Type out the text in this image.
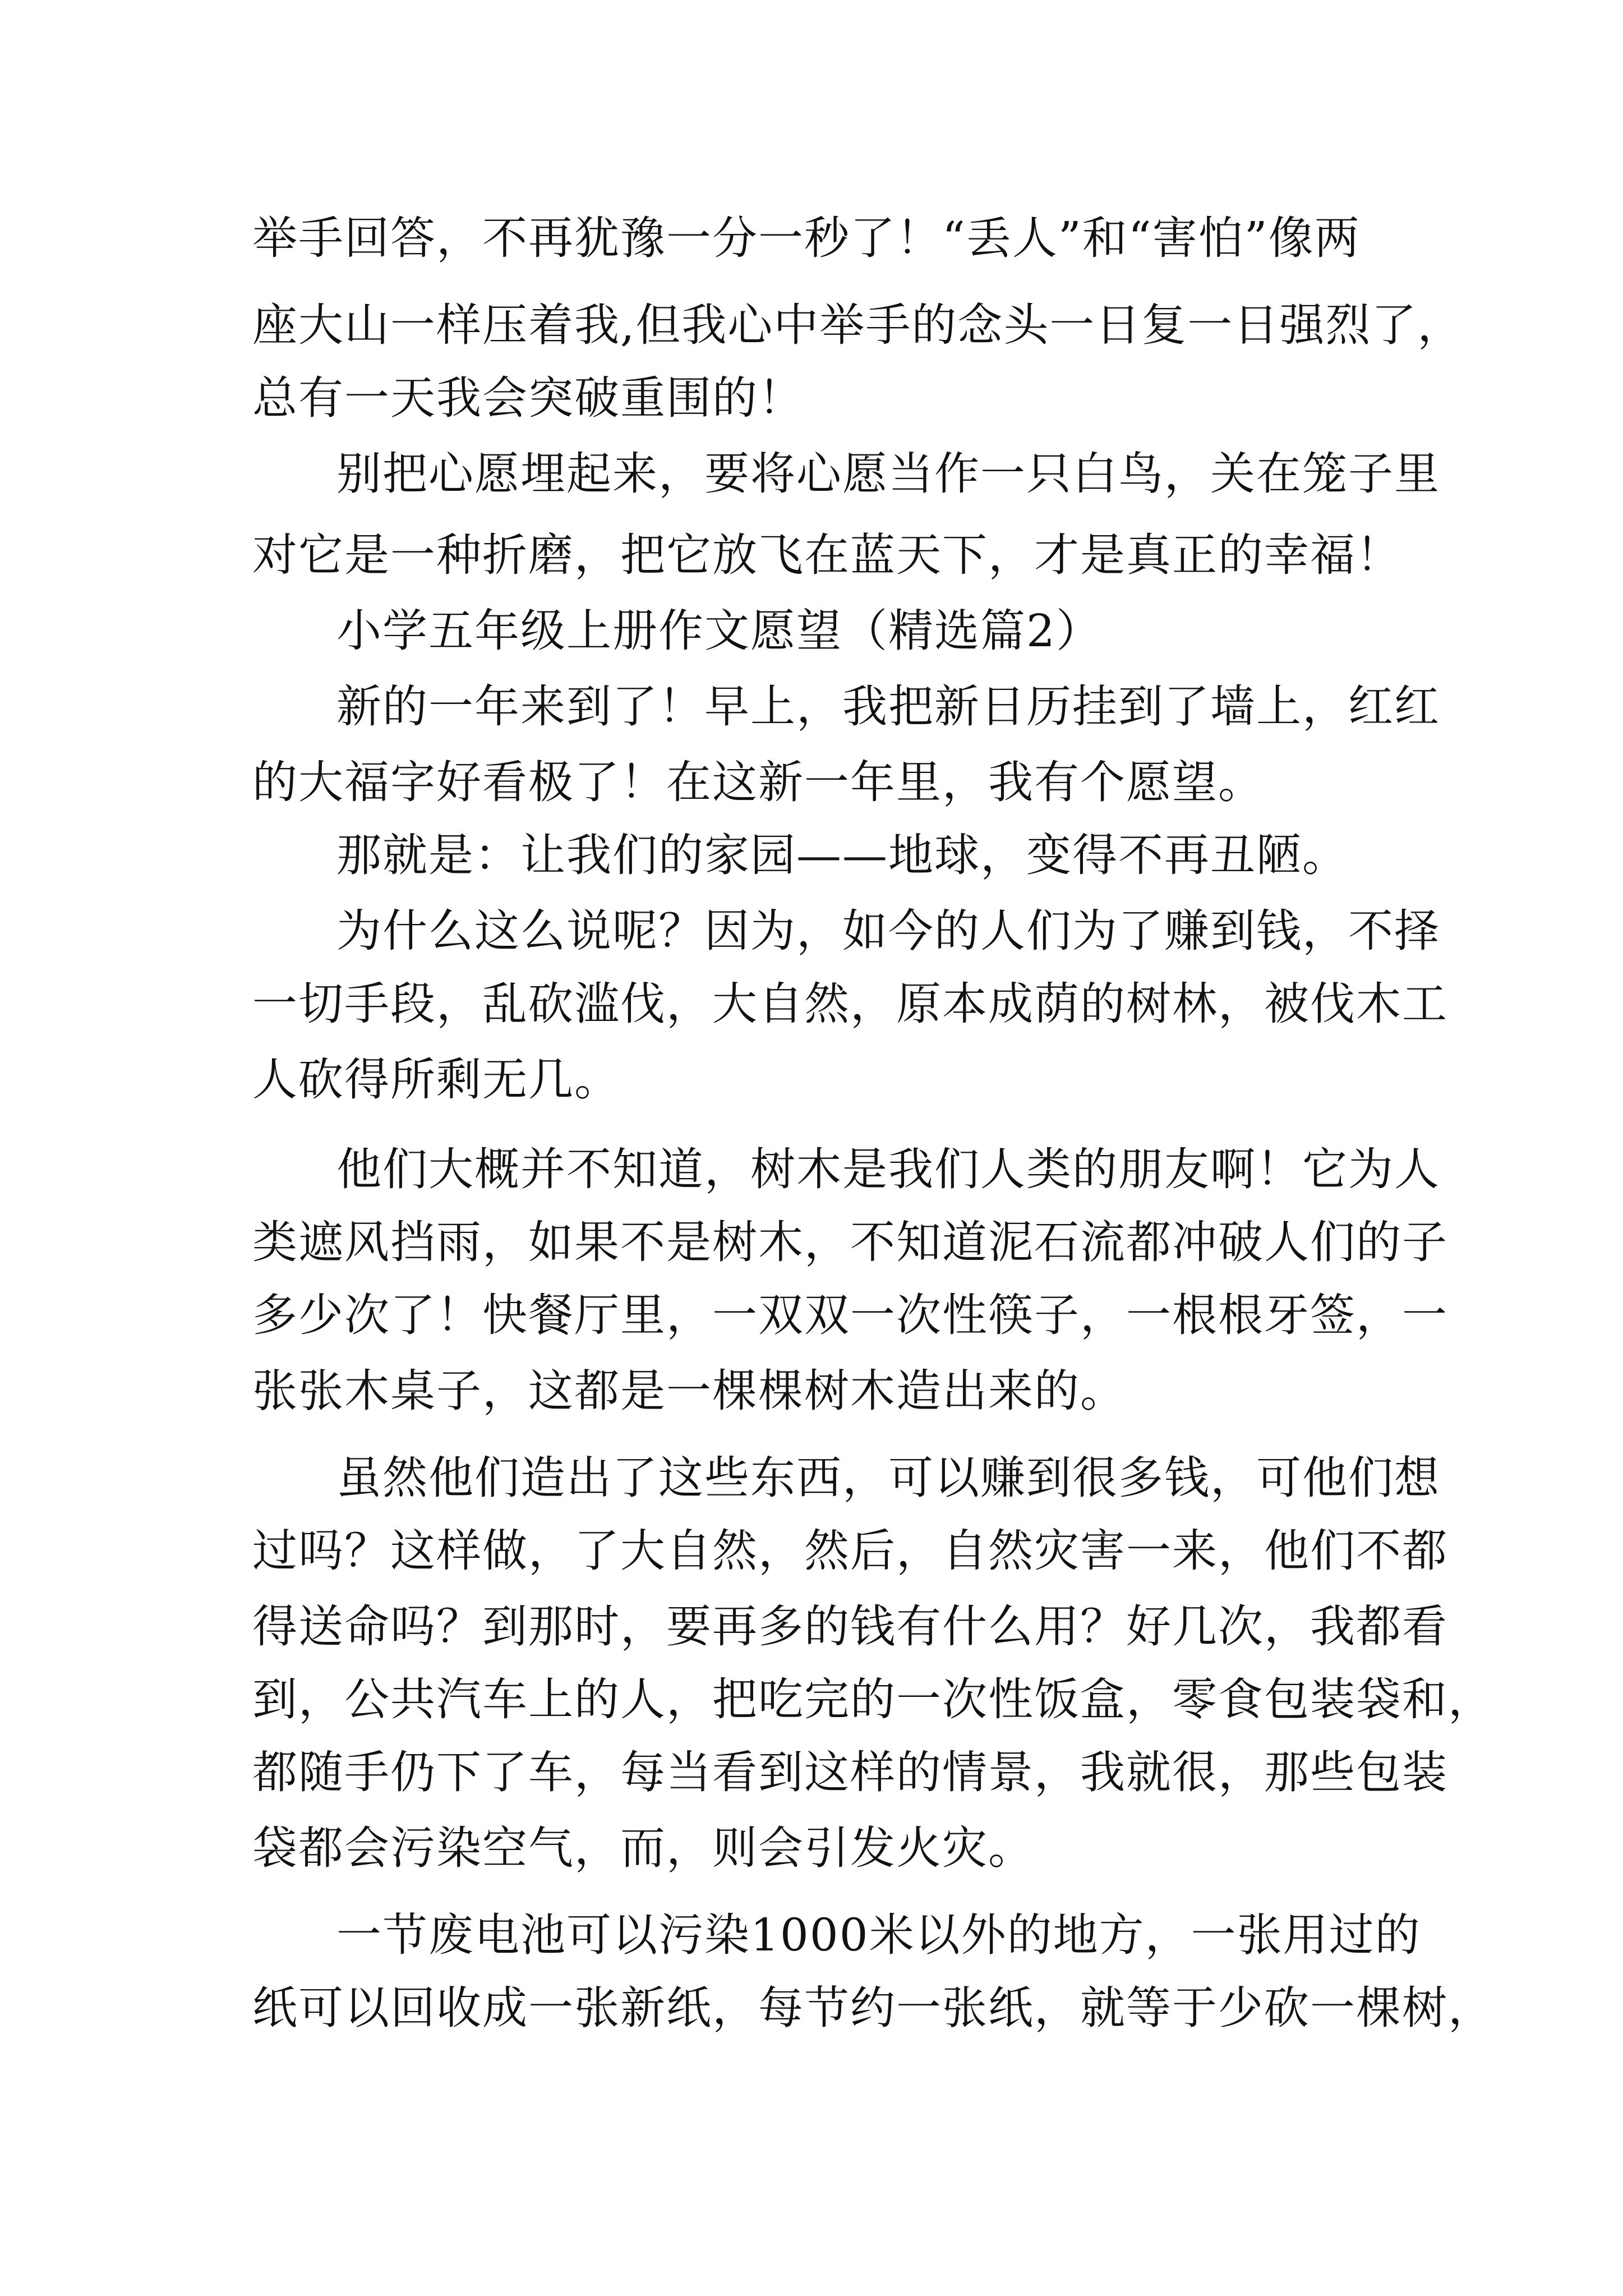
举手回答，不再犹豫一分一秒了！“丢人”和“害怕”像两
座大山一样压着我,但我心中举手的念头一日复一日强烈了，
总有一天我会突破重围的！
别把心愿埋起来，要将心愿当作一只白鸟，关在笼子里
对它是一种折磨，把它放飞在蓝天下，才是真正的幸福！
小学五年级上册作文愿望（精选篇2）
新的一年来到了！早上，我把新日历挂到了墙上，红红
的大福字好看极了！在这新一年里，我有个愿望。
那就是：让我们的家园——地球，变得不再丑陋。
为什么这么说呢？因为，如今的人们为了赚到钱，不择
一切手段，乱砍滥伐，大自然，原本成荫的树林，被伐木工
人砍得所剩无几。
他们大概并不知道，树木是我们人类的朋友啊！它为人
类遮风挡雨，如果不是树木，不知道泥石流都冲破人们的子
多少次了！快餐厅里，一双双一次性筷子，一根根牙签，一
张张木桌子，这都是一棵棵树木造出来的。
虽然他们造出了这些东西，可以赚到很多钱，可他们想
过吗？这样做，了大自然，然后，自然灾害一来，他们不都
得送命吗？到那时，要再多的钱有什么用？好几次，我都看
到，公共汽车上的人，把吃完的一次性饭盒，零食包装袋和，
都随手仍下了车，每当看到这样的情景，我就很，那些包装
袋都会污染空气，而，则会引发火灾。
一节废电池可以污染1000米以外的地方，一张用过的
纸可以回收成一张新纸，每节约一张纸，就等于少砍一棵树，
